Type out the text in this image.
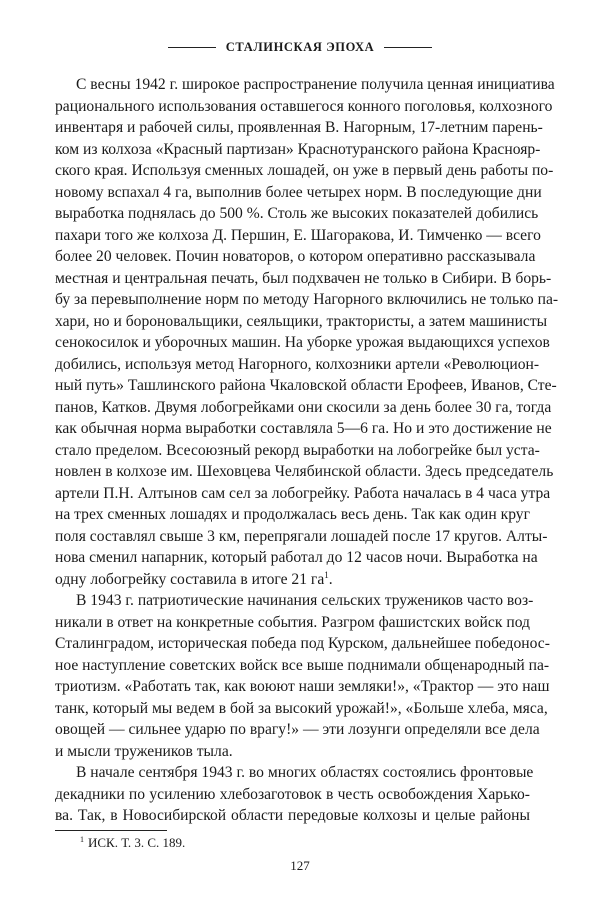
СТАЛИНСКАЯ ЭПОХА
С весны 1942 г. широкое распространение получила ценная инициатива
рационального использования оставшегося конного поголовья, колхозного
инвентаря и рабочей силы, проявленная В. Нагорным, 17-летним парень-
ком из колхоза «Красный партизан» Краснотуранского района Краснояр-
ского края. Используя сменных лошадей, он уже в первый день работы по-
новому вспахал 4 га, выполнив более четырех норм. В последующие дни
выработка поднялась до 500 %. Столь же высоких показателей добились
пахари того же колхоза Д. Першин, Е. Шагоракова, И. Тимченко — всего
более 20 человек. Почин новаторов, о котором оперативно рассказывала
местная и центральная печать, был подхвачен не только в Сибири. В борь-
бу за перевыполнение норм по методу Нагорного включились не только па-
хари, но и бороновальщики, сеяльщики, трактористы, а затем машинисты
сенокосилок и уборочных машин. На уборке урожая выдающихся успехов
добились, используя метод Нагорного, колхозники артели «Революцион-
ный путь» Ташлинского района Чкаловской области Ерофеев, Иванов, Сте-
панов, Катков. Двумя лобогрейками они скосили за день более 30 га, тогда
как обычная норма выработки составляла 5—6 га. Но и это достижение не
стало пределом. Всесоюзный рекорд выработки на лобогрейке был уста-
новлен в колхозе им. Шеховцева Челябинской области. Здесь председатель
артели П.Н. Алтынов сам сел за лобогрейку. Работа началась в 4 часа утра
на трех сменных лошадях и продолжалась весь день. Так как один круг
поля составлял свыше 3 км, перепрягали лошадей после 17 кругов. Алты-
нова сменил напарник, который работал до 12 часов ночи. Выработка на
одну лобогрейку составила в итоге 21 $га^1$.
В 1943 г. патриотические начинания сельских тружеников часто воз-
никали в ответ на конкретные события. Разгром фашистских войск под
Сталинградом, историческая победа под Курском, дальнейшее победонос-
ное наступление советских войск все выше поднимали общенародный па-
триотизм. «Работать так, как воюют наши земляки!», «Трактор — это наш
танк, который мы ведем в бой за высокий урожай!», «Больше хлеба, мяса,
овощей — сильнее ударю по врагу!» — эти лозунги определяли все дела
и мысли тружеников тыла.
В начале сентября 1943 г. во многих областях состоялись фронтовые
декадники по усилению хлебозаготовок в честь освобождения Харько-
ва. Так, в Новосибирской области передовые колхозы и целые районы
$^1$ ИСК. Т. 3. С. 189.
127
